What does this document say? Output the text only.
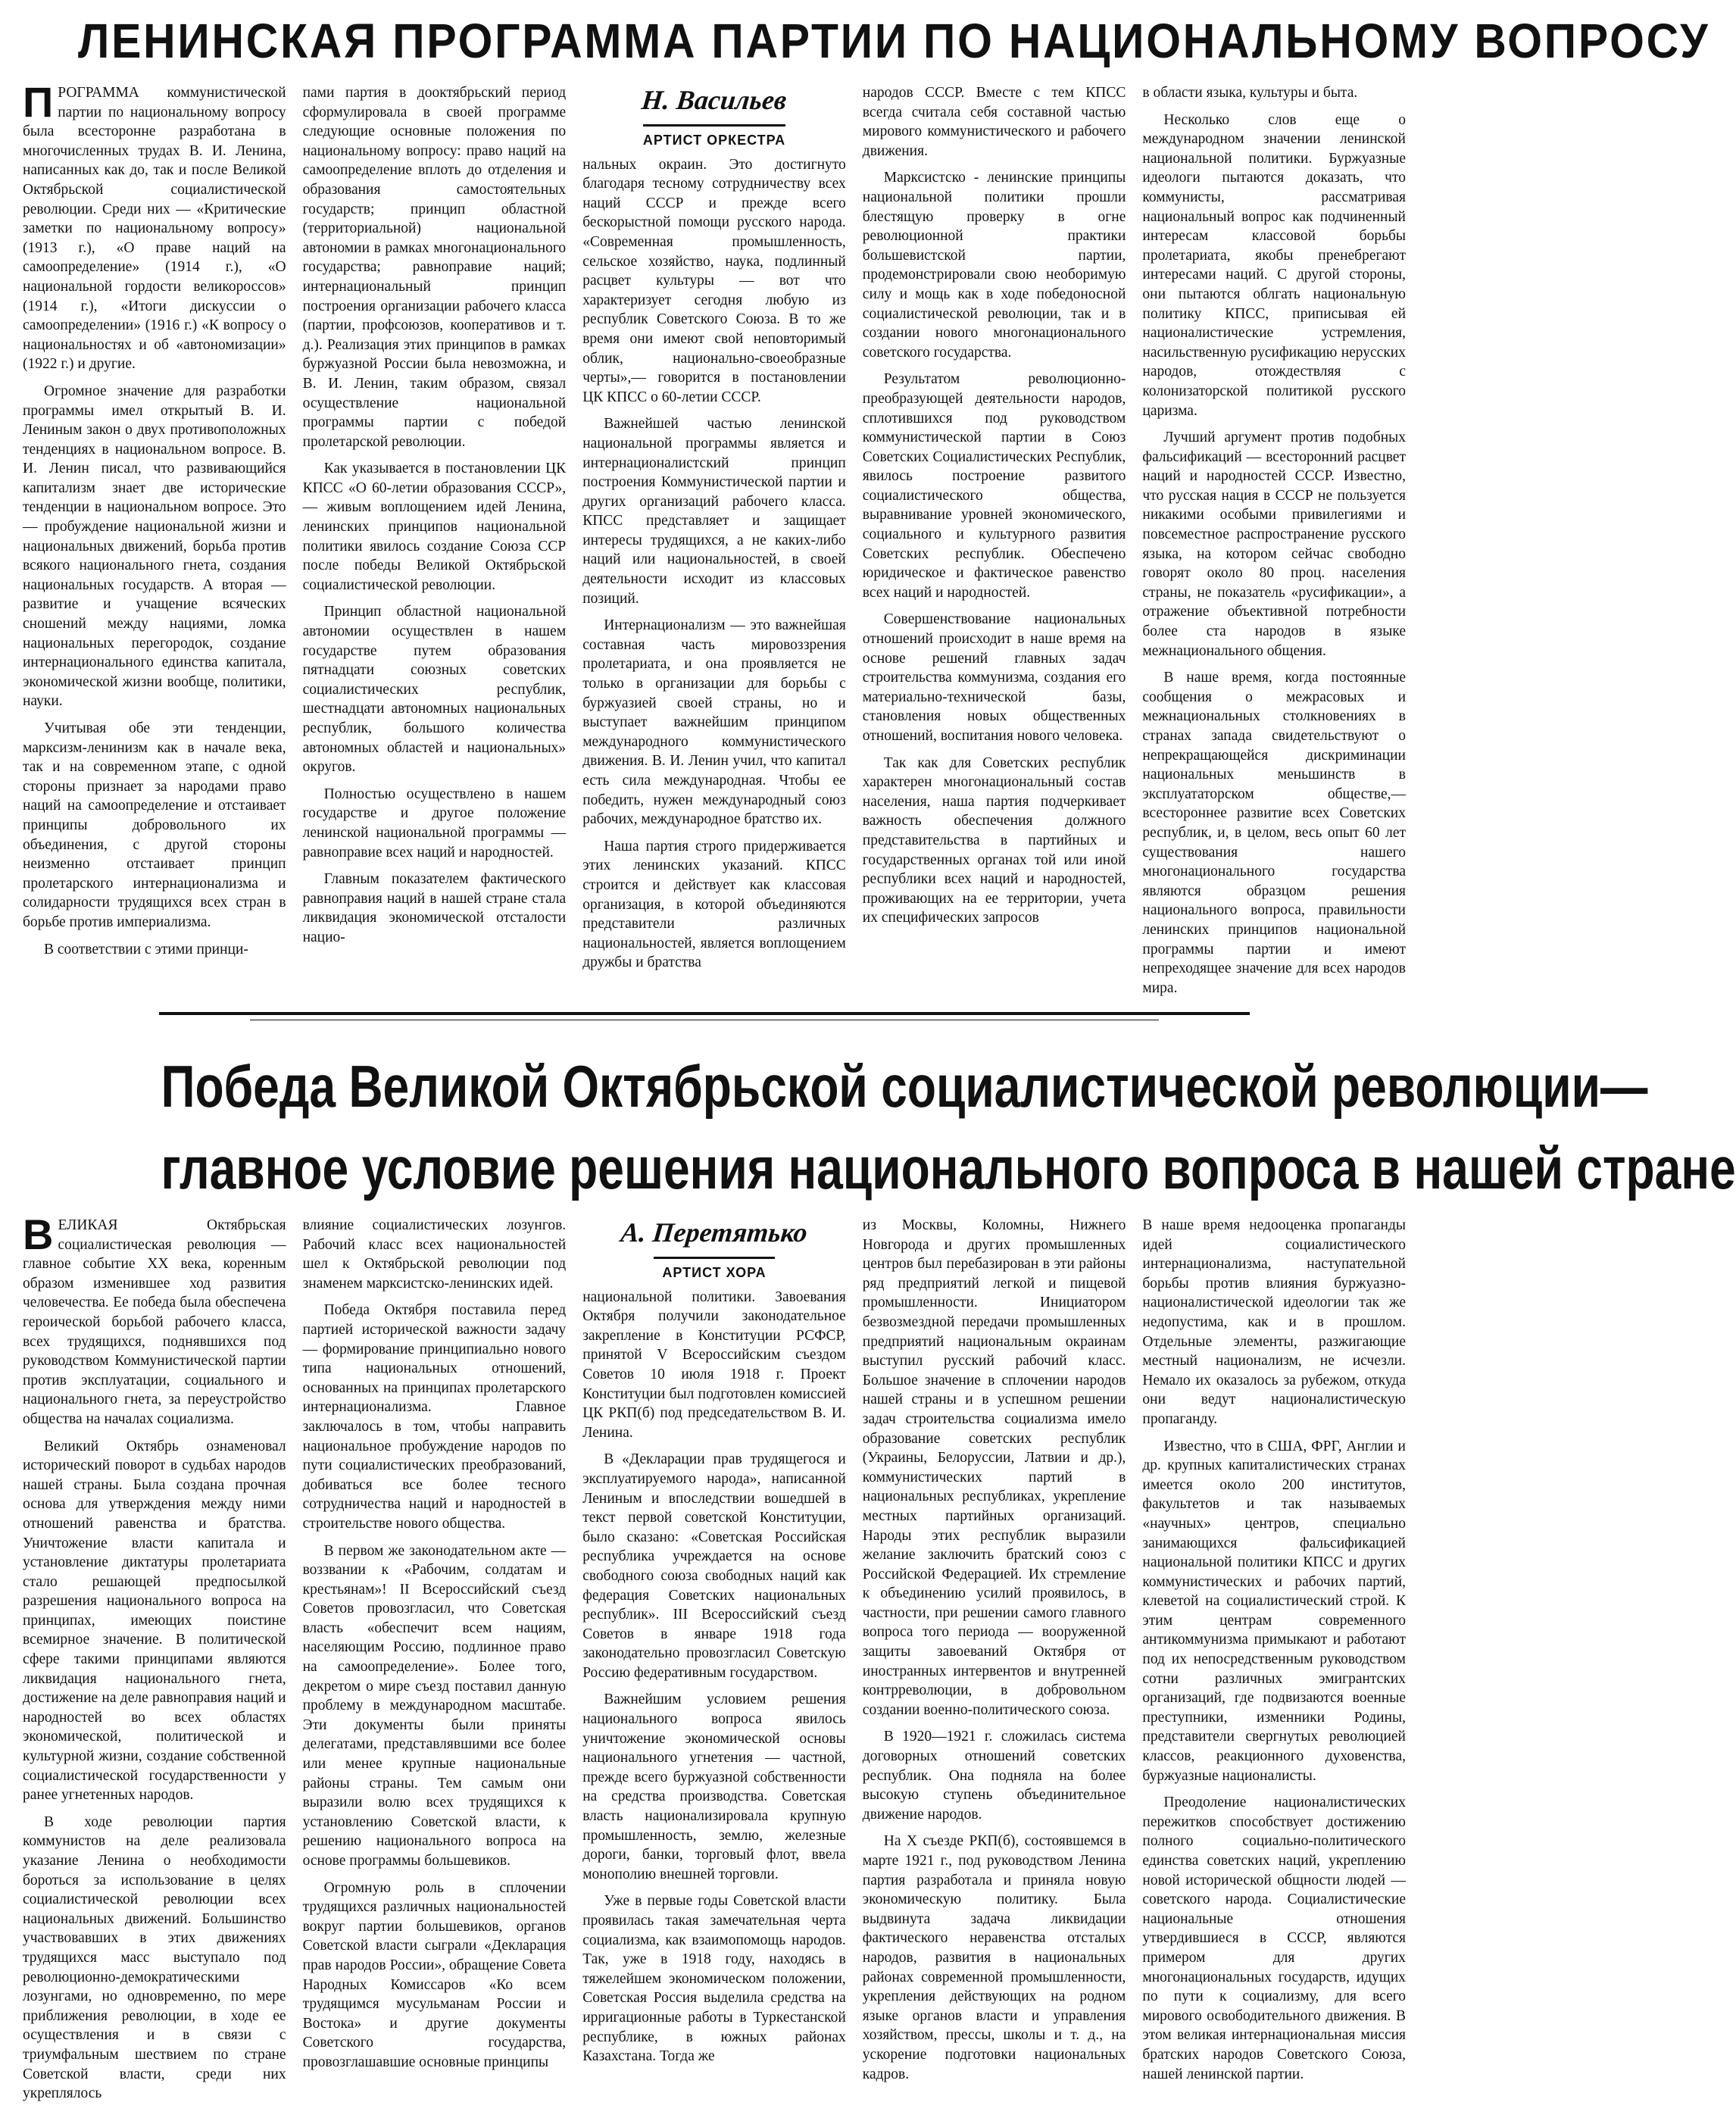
ЛЕНИНСКАЯ ПРОГРАММА ПАРТИИ ПО НАЦИОНАЛЬНОМУ ВОПРОСУ
П РОГРАММА коммунистической партии по национальному вопросу была всесторонне разработана в многочисленных трудах В. И. Ленина, написанных как до, так и после Великой Октябрьской социалистической революции. Среди них — «Критические заметки по национальному вопросу» (1913 г.), «О праве наций на самоопределение» (1914 г.), «О национальной гордости великороссов» (1914 г.), «Итоги дискуссии о самоопределении» (1916 г.) «К вопросу о национальностях и об «автономизации» (1922 г.) и другие.

Огромное значение для разработки программы имел открытый В. И. Лениным закон о двух противоположных тенденциях в национальном вопросе. В. И. Ленин писал, что развивающийся капитализм знает две исторические тенденции в национальном вопросе. Это — пробуждение национальной жизни и национальных движений, борьба против всякого национального гнета, создания национальных государств. А вторая — развитие и учащение всяческих сношений между нациями, ломка национальных перегородок, создание интернационального единства капитала, экономической жизни вообще, политики, науки.

Учитывая обе эти тенденции, марксизм-ленинизм как в начале века, так и на современном этапе, с одной стороны признает за народами право наций на самоопределение и отстаивает принципы добровольного их объединения, с другой стороны неизменно отстаивает принцип пролетарского интернационализма и солидарности трудящихся всех стран в борьбе против империализма.

В соответствии с этими принци-

пами партия в дооктябрьский период сформулировала в своей программе следующие основные положения по национальному вопросу: право наций на самоопределение вплоть до отделения и образования самостоятельных государств; принцип областной (территориальной) национальной автономии в рамках многонационального государства; равноправие наций; интернациональный принцип построения организации рабочего класса (партии, профсоюзов, кооперативов и т. д.). Реализация этих принципов в рамках буржуазной России была невозможна, и В. И. Ленин, таким образом, связал осуществление национальной программы партии с победой пролетарской революции.

Как указывается в постановлении ЦК КПСС «О 60-летии образования СССР»,— живым воплощением идей Ленина, ленинских принципов национальной политики явилось создание Союза ССР после победы Великой Октябрьской социалистической революции.

Принцип областной национальной автономии осуществлен в нашем государстве путем образования пятнадцати союзных советских социалистических республик, шестнадцати автономных национальных республик, большого количества автономных областей и национальных» округов.

Полностью осуществлено в нашем государстве и другое положение ленинской национальной программы — равноправие всех наций и народностей.

Главным показателем фактического равноправия наций в нашей стране стала ликвидация экономической отсталости нацио-

Н. Васильев
АРТИСТ ОРКЕСТРА

нальных окраин. Это достигнуто благодаря тесному сотрудничеству всех наций СССР и прежде всего бескорыстной помощи русского народа. «Современная промышленность, сельское хозяйство, наука, подлинный расцвет культуры — вот что характеризует сегодня любую из республик Советского Союза. В то же время они имеют свой неповторимый облик, национально-своеобразные черты»,— говорится в постановлении ЦК КПСС о 60-летии СССР.

Важнейшей частью ленинской национальной программы является и интернационалистский принцип построения Коммунистической партии и других организаций рабочего класса. КПСС представляет и защищает интересы трудящихся, а не каких-либо наций или национальностей, в своей деятельности исходит из классовых позиций.

Интернационализм — это важнейшая составная часть мировоззрения пролетариата, и она проявляется не только в организации для борьбы с буржуазией своей страны, но и выступает важнейшим принципом международного коммунистического движения. В. И. Ленин учил, что капитал есть сила международная. Чтобы ее победить, нужен международный союз рабочих, международное братство их.

Наша партия строго придерживается этих ленинских указаний. КПСС строится и действует как классовая организация, в которой объединяются представители различных национальностей, является воплощением дружбы и братства

народов СССР. Вместе с тем КПСС всегда считала себя составной частью мирового коммунистического и рабочего движения.

Марксистско - ленинские принципы национальной политики прошли блестящую проверку в огне революционной практики большевистской партии, продемонстрировали свою необоримую силу и мощь как в ходе победоносной социалистической революции, так и в создании нового многонационального советского государства.

Результатом революционно-преобразующей деятельности народов, сплотившихся под руководством коммунистической партии в Союз Советских Социалистических Республик, явилось построение развитого социалистического общества, выравнивание уровней экономического, социального и культурного развития Советских республик. Обеспечено юридическое и фактическое равенство всех наций и народностей.

Совершенствование национальных отношений происходит в наше время на основе решений главных задач строительства коммунизма, создания его материально-технической базы, становления новых общественных отношений, воспитания нового человека.

Так как для Советских республик характерен многонациональный состав населения, наша партия подчеркивает важность обеспечения должного представительства в партийных и государственных органах той или иной республики всех наций и народностей, проживающих на ее территории, учета их специфических запросов

в области языка, культуры и быта.

Несколько слов еще о международном значении ленинской национальной политики. Буржуазные идеологи пытаются доказать, что коммунисты, рассматривая национальный вопрос как подчиненный интересам классовой борьбы пролетариата, якобы пренебрегают интересами наций. С другой стороны, они пытаются облгать национальную политику КПСС, приписывая ей националистические устремления, насильственную русификацию нерусских народов, отождествляя с колонизаторской политикой русского царизма.

Лучший аргумент против подобных фальсификаций — всесторонний расцвет наций и народностей СССР. Известно, что русская нация в СССР не пользуется никакими особыми привилегиями и повсеместное распространение русского языка, на котором сейчас свободно говорят около 80 проц. населения страны, не показатель «русификации», а отражение объективной потребности более ста народов в языке межнационального общения.

В наше время, когда постоянные сообщения о межрасовых и межнациональных столкновениях в странах запада свидетельствуют о непрекращающейся дискриминации национальных меньшинств в эксплуататорском обществе,— всестороннее развитие всех Советских республик, и, в целом, весь опыт 60 лет существования нашего многонационального государства являются образцом решения национального вопроса, правильности ленинских принципов национальной программы партии и имеют непреходящее значение для всех народов мира.

Победа Великой Октябрьской социалистической революции—
главное условие решения национального вопроса в нашей стране
В ЕЛИКАЯ Октябрьская социалистическая революция — главное событие XX века, коренным образом изменившее ход развития человечества. Ее победа была обеспечена героической борьбой рабочего класса, всех трудящихся, поднявшихся под руководством Коммунистической партии против эксплуатации, социального и национального гнета, за переустройство общества на началах социализма.

Великий Октябрь ознаменовал исторический поворот в судьбах народов нашей страны. Была создана прочная основа для утверждения между ними отношений равенства и братства. Уничтожение власти капитала и установление диктатуры пролетариата стало решающей предпосылкой разрешения национального вопроса на принципах, имеющих поистине всемирное значение. В политической сфере такими принципами являются ликвидация национального гнета, достижение на деле равноправия наций и народностей во всех областях экономической, политической и культурной жизни, создание собственной социалистической государственности у ранее угнетенных народов.

В ходе революции партия коммунистов на деле реализовала указание Ленина о необходимости бороться за использование в целях социалистической революции всех национальных движений. Большинство участвовавших в этих движениях трудящихся масс выступало под революционно-демократическими лозунгами, но одновременно, по мере приближения революции, в ходе ее осуществления и в связи с триумфальным шествием по стране Советской власти, среди них укреплялось

влияние социалистических лозунгов. Рабочий класс всех национальностей шел к Октябрьской революции под знаменем марксистско-ленинских идей.

Победа Октября поставила перед партией исторической важности задачу — формирование принципиально нового типа национальных отношений, основанных на принципах пролетарского интернационализма. Главное заключалось в том, чтобы направить национальное пробуждение народов по пути социалистических преобразований, добиваться все более тесного сотрудничества наций и народностей в строительстве нового общества.

В первом же законодательном акте — воззвании к «Рабочим, солдатам и крестьянам»! II Всероссийский съезд Советов провозгласил, что Советская власть «обеспечит всем нациям, населяющим Россию, подлинное право на самоопределение». Более того, декретом о мире съезд поставил данную проблему в международном масштабе. Эти документы были приняты делегатами, представлявшими все более или менее крупные национальные районы страны. Тем самым они выразили волю всех трудящихся к установлению Советской власти, к решению национального вопроса на основе программы большевиков.

Огромную роль в сплочении трудящихся различных национальностей вокруг партии большевиков, органов Советской власти сыграли «Декларация прав народов России», обращение Совета Народных Комиссаров «Ко всем трудящимся мусульманам России и Востока» и другие документы Советского государства, провозглашавшие основные принципы

А. Перетятько
АРТИСТ ХОРА

национальной политики. Завоевания Октября получили законодательное закрепление в Конституции РСФСР, принятой V Всероссийским съездом Советов 10 июля 1918 г. Проект Конституции был подготовлен комиссией ЦК РКП(б) под председательством В. И. Ленина.

В «Декларации прав трудящегося и эксплуатируемого народа», написанной Лениным и впоследствии вошедшей в текст первой советской Конституции, было сказано: «Советская Российская республика учреждается на основе свободного союза свободных наций как федерация Советских национальных республик». III Всероссийский съезд Советов в январе 1918 года законодательно провозгласил Советскую Россию федеративным государством.

Важнейшим условием решения национального вопроса явилось уничтожение экономической основы национального угнетения — частной, прежде всего буржуазной собственности на средства производства. Советская власть национализировала крупную промышленность, землю, железные дороги, банки, торговый флот, ввела монополию внешней торговли.

Уже в первые годы Советской власти проявилась такая замечательная черта социализма, как взаимопомощь народов. Так, уже в 1918 году, находясь в тяжелейшем экономическом положении, Советская Россия выделила средства на ирригационные работы в Туркестанской республике, в южных районах Казахстана. Тогда же

из Москвы, Коломны, Нижнего Новгорода и других промышленных центров был перебазирован в эти районы ряд предприятий легкой и пищевой промышленности. Инициатором безвозмездной передачи промышленных предприятий национальным окраинам выступил русский рабочий класс. Большое значение в сплочении народов нашей страны и в успешном решении задач строительства социализма имело образование советских республик (Украины, Белоруссии, Латвии и др.), коммунистических партий в национальных республиках, укрепление местных партийных организаций. Народы этих республик выразили желание заключить братский союз с Российской Федерацией. Их стремление к объединению усилий проявилось, в частности, при решении самого главного вопроса того периода — вооруженной защиты завоеваний Октября от иностранных интервентов и внутренней контрреволюции, в добровольном создании военно-политического союза.

В 1920—1921 г. сложилась система договорных отношений советских республик. Она подняла на более высокую ступень объединительное движение народов.

На X съезде РКП(б), состоявшемся в марте 1921 г., под руководством Ленина партия разработала и приняла новую экономическую политику. Была выдвинута задача ликвидации фактического неравенства отсталых народов, развития в национальных районах современной промышленности, укрепления действующих на родном языке органов власти и управления хозяйством, прессы, школы и т. д., на ускорение подготовки национальных кадров.

В наше время недооценка пропаганды идей социалистического интернационализма, наступательной борьбы против влияния буржуазно-националистической идеологии так же недопустима, как и в прошлом. Отдельные элементы, разжигающие местный национализм, не исчезли. Немало их оказалось за рубежом, откуда они ведут националистическую пропаганду.

Известно, что в США, ФРГ, Англии и др. крупных капиталистических странах имеется около 200 институтов, факультетов и так называемых «научных» центров, специально занимающихся фальсификацией национальной политики КПСС и других коммунистических и рабочих партий, клеветой на социалистический строй. К этим центрам современного антикоммунизма примыкают и работают под их непосредственным руководством сотни различных эмигрантских организаций, где подвизаются военные преступники, изменники Родины, представители свергнутых революцией классов, реакционного духовенства, буржуазные националисты.

Преодоление националистических пережитков способствует достижению полного социально-политического единства советских наций, укреплению новой исторической общности людей — советского народа. Социалистические национальные отношения утвердившиеся в СССР, являются примером для других многонациональных государств, идущих по пути к социализму, для всего мирового освободительного движения. В этом великая интернациональная миссия братских народов Советского Союза, нашей ленинской партии.
